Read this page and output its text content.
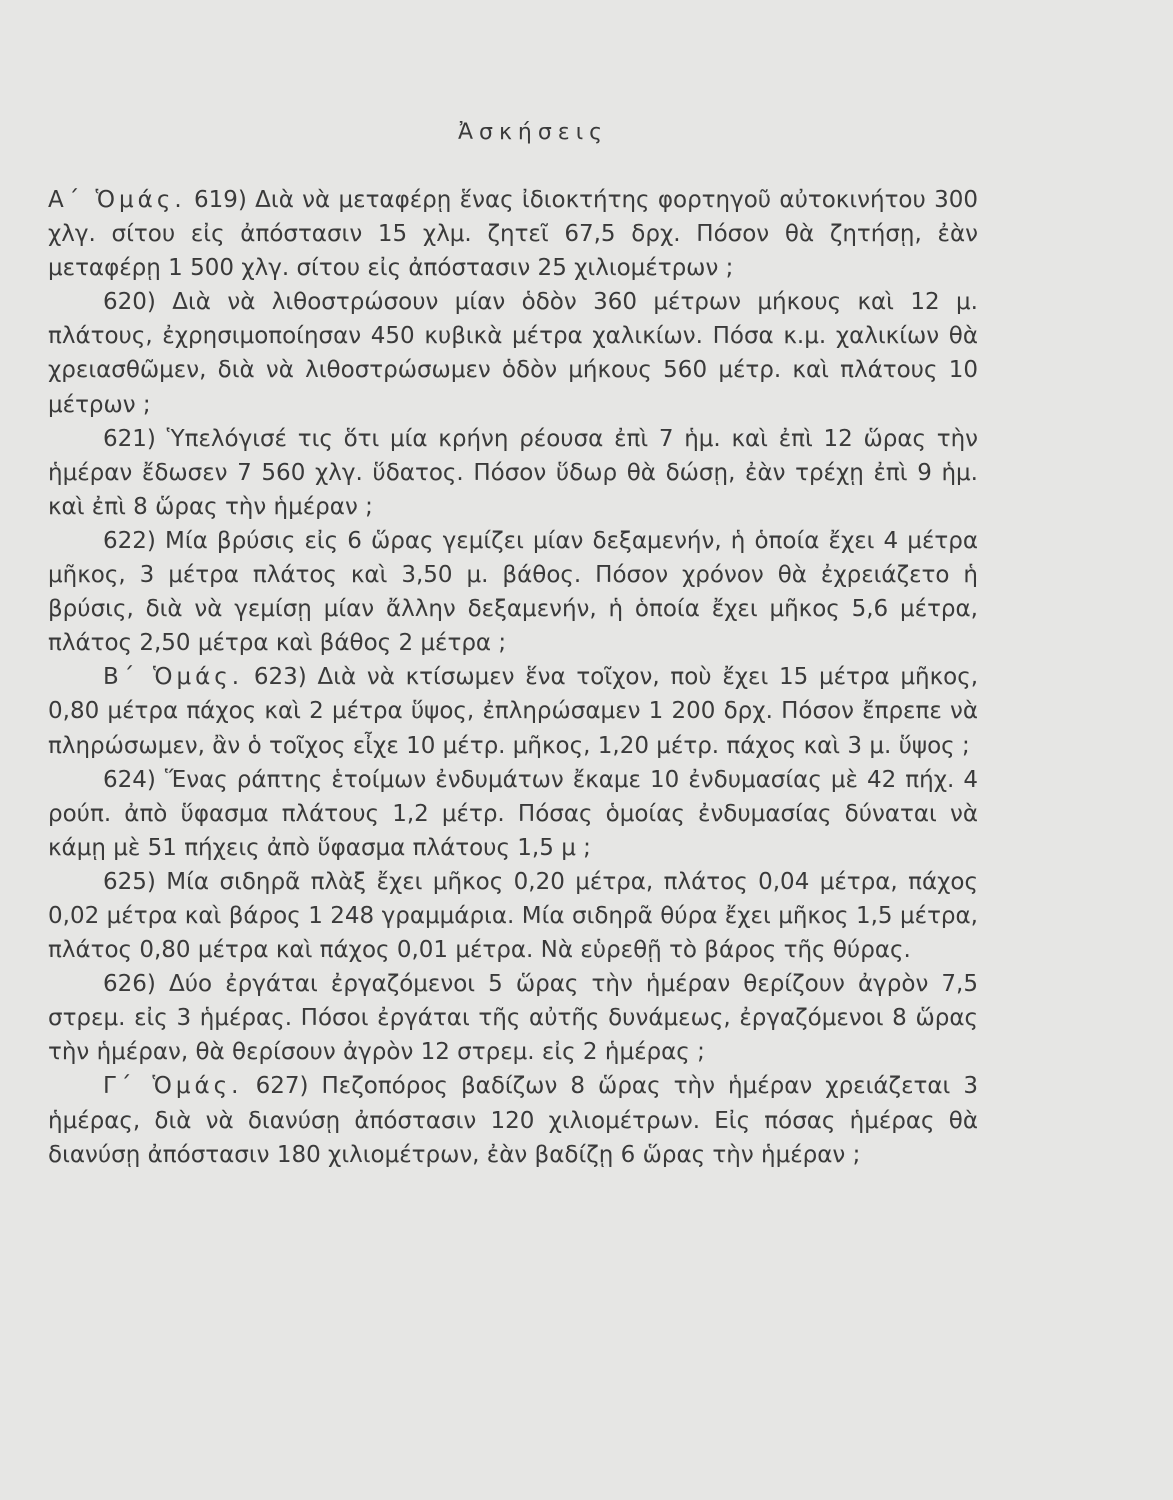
Ἀσκήσεις

Α΄ Ὁμάς. 619) Διὰ νὰ μεταφέρῃ ἕνας ἰδιοκτήτης φορτηγοῦ αὐτοκινήτου 300 χλγ. σίτου εἰς ἀπόστασιν 15 χλμ. ζητεῖ 67,5 δρχ. Πόσον θὰ ζητήσῃ, ἐὰν μεταφέρῃ 1 500 χλγ. σίτου εἰς ἀπόστασιν 25 χιλιομέτρων ;

620) Διὰ νὰ λιθοστρώσουν μίαν ὁδὸν 360 μέτρων μήκους καὶ 12 μ. πλάτους, ἐχρησιμοποίησαν 450 κυβικὰ μέτρα χαλικίων. Πόσα κ.μ. χαλικίων θὰ χρειασθῶμεν, διὰ νὰ λιθοστρώσωμεν ὁδὸν μήκους 560 μέτρ. καὶ πλάτους 10 μέτρων ;

621) Ὑπελόγισέ τις ὅτι μία κρήνη ρέουσα ἐπὶ 7 ἡμ. καὶ ἐπὶ 12 ὥρας τὴν ἡμέραν ἔδωσεν 7 560 χλγ. ὕδατος. Πόσον ὕδωρ θὰ δώσῃ, ἐὰν τρέχῃ ἐπὶ 9 ἡμ. καὶ ἐπὶ 8 ὥρας τὴν ἡμέραν ;

622) Μία βρύσις εἰς 6 ὥρας γεμίζει μίαν δεξαμενήν, ἡ ὁποία ἔχει 4 μέτρα μῆκος, 3 μέτρα πλάτος καὶ 3,50 μ. βάθος. Πόσον χρόνον θὰ ἐχρειάζετο ἡ βρύσις, διὰ νὰ γεμίσῃ μίαν ἄλλην δεξαμενήν, ἡ ὁποία ἔχει μῆκος 5,6 μέτρα, πλάτος 2,50 μέτρα καὶ βάθος 2 μέτρα ;

Β΄ Ὁμάς. 623) Διὰ νὰ κτίσωμεν ἕνα τοῖχον, ποὺ ἔχει 15 μέτρα μῆκος, 0,80 μέτρα πάχος καὶ 2 μέτρα ὕψος, ἐπληρώσαμεν 1 200 δρχ. Πόσον ἔπρεπε νὰ πληρώσωμεν, ἂν ὁ τοῖχος εἶχε 10 μέτρ. μῆκος, 1,20 μέτρ. πάχος καὶ 3 μ. ὕψος ;

624) Ἕνας ράπτης ἑτοίμων ἐνδυμάτων ἔκαμε 10 ἐνδυμασίας μὲ 42 πήχ. 4 ρούπ. ἀπὸ ὕφασμα πλάτους 1,2 μέτρ. Πόσας ὁμοίας ἐνδυμασίας δύναται νὰ κάμῃ μὲ 51 πήχεις ἀπὸ ὕφασμα πλάτους 1,5 μ ;

625) Μία σιδηρᾶ πλὰξ ἔχει μῆκος 0,20 μέτρα, πλάτος 0,04 μέτρα, πάχος 0,02 μέτρα καὶ βάρος 1 248 γραμμάρια. Μία σιδηρᾶ θύρα ἔχει μῆκος 1,5 μέτρα, πλάτος 0,80 μέτρα καὶ πάχος 0,01 μέτρα. Νὰ εὑρεθῇ τὸ βάρος τῆς θύρας.

626) Δύο ἐργάται ἐργαζόμενοι 5 ὥρας τὴν ἡμέραν θερίζουν ἀγρὸν 7,5 στρεμ. εἰς 3 ἡμέρας. Πόσοι ἐργάται τῆς αὐτῆς δυνάμεως, ἐργαζόμενοι 8 ὥρας τὴν ἡμέραν, θὰ θερίσουν ἀγρὸν 12 στρεμ. εἰς 2 ἡμέρας ;

Γ΄ Ὁμάς. 627) Πεζοπόρος βαδίζων 8 ὥρας τὴν ἡμέραν χρειάζεται 3 ἡμέρας, διὰ νὰ διανύσῃ ἀπόστασιν 120 χιλιομέτρων. Εἰς πόσας ἡμέρας θὰ διανύσῃ ἀπόστασιν 180 χιλιομέτρων, ἐὰν βαδίζῃ 6 ὥρας τὴν ἡμέραν ;
